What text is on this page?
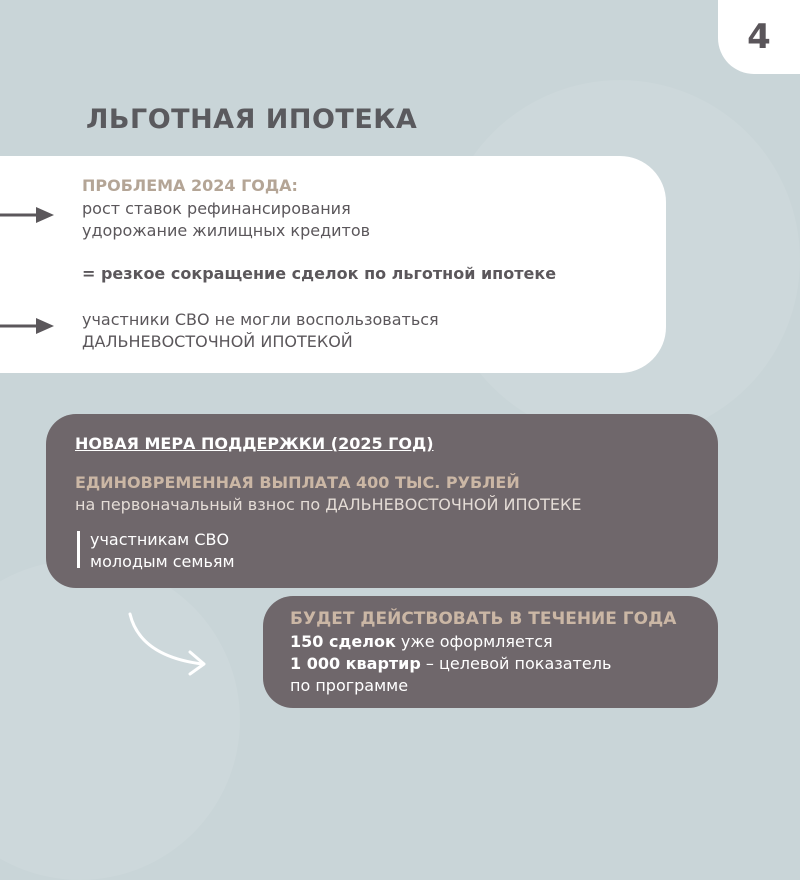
4
ЛЬГОТНАЯ ИПОТЕКА
ПРОБЛЕМА 2024 ГОДА:
рост ставок рефинансирования
удорожание жилищных кредитов
= резкое сокращение сделок по льготной ипотеке
участники СВО не могли воспользоваться
ДАЛЬНЕВОСТОЧНОЙ ИПОТЕКОЙ
НОВАЯ МЕРА ПОДДЕРЖКИ (2025 ГОД)
ЕДИНОВРЕМЕННАЯ ВЫПЛАТА 400 ТЫС. РУБЛЕЙ
на первоначальный взнос по ДАЛЬНЕВОСТОЧНОЙ ИПОТЕКЕ
участникам СВО
молодым семьям
БУДЕТ ДЕЙСТВОВАТЬ В ТЕЧЕНИЕ ГОДА
150 сделок уже оформляется
1 000 квартир – целевой показатель
по программе
